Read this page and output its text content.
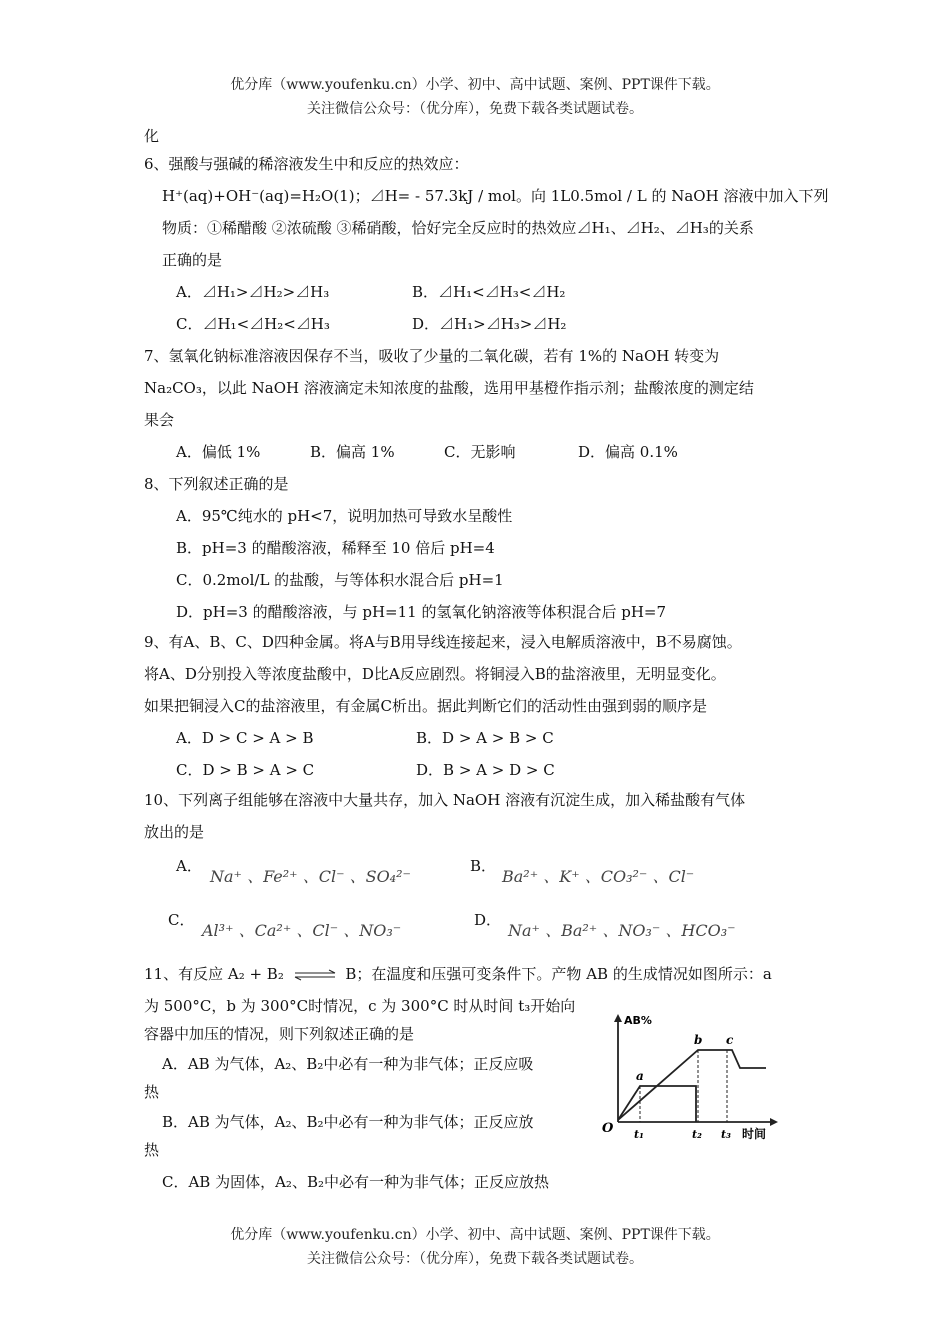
优分库（www.youfenku.cn）小学、初中、高中试题、案例、PPT课件下载。
关注微信公众号：（优分库），免费下载各类试题试卷。
化
6、强酸与强碱的稀溶液发生中和反应的热效应：
H⁺(aq)+OH⁻(aq)=H₂O(1)；⊿H= - 57.3kJ / mol。向 1L0.5mol / L 的 NaOH 溶液中加入下列
物质：①稀醋酸 ②浓硫酸 ③稀硝酸，恰好完全反应时的热效应⊿H₁、⊿H₂、⊿H₃的关系
正确的是
A．⊿H₁>⊿H₂>⊿H₃	B．⊿H₁<⊿H₃<⊿H₂
C．⊿H₁<⊿H₂<⊿H₃	D．⊿H₁>⊿H₃>⊿H₂
7、氢氧化钠标准溶液因保存不当，吸收了少量的二氧化碳，若有 1%的 NaOH 转变为
Na₂CO₃，以此 NaOH 溶液滴定未知浓度的盐酸，选用甲基橙作指示剂；盐酸浓度的测定结
果会
A．偏低 1%	B．偏高 1%	C．无影响	D．偏高 0.1%
8、下列叙述正确的是
A．95℃纯水的 pH<7，说明加热可导致水呈酸性
B．pH=3 的醋酸溶液，稀释至 10 倍后 pH=4
C．0.2mol/L 的盐酸，与等体积水混合后 pH=1
D．pH=3 的醋酸溶液，与 pH=11 的氢氧化钠溶液等体积混合后 pH=7
9、有A、B、C、D四种金属。将A与B用导线连接起来，浸入电解质溶液中，B不易腐蚀。
将A、D分别投入等浓度盐酸中，D比A反应剧烈。将铜浸入B的盐溶液里，无明显变化。
如果把铜浸入C的盐溶液里，有金属C析出。据此判断它们的活动性由强到弱的顺序是
A．D > C > A > B	B．D > A > B > C
C．D > B > A > C	D．B > A > D > C
10、下列离子组能够在溶液中大量共存，加入 NaOH 溶液有沉淀生成，加入稀盐酸有气体
放出的是
A．
Na⁺ 、Fe²⁺ 、Cl⁻ 、SO₄²⁻
B．
Ba²⁺ 、K⁺ 、CO₃²⁻ 、Cl⁻
C．
Al³⁺ 、Ca²⁺ 、Cl⁻ 、NO₃⁻
D．
Na⁺ 、Ba²⁺ 、NO₃⁻ 、HCO₃⁻
11、有反应 A₂ + B₂ ⇌ B；在温度和压强可变条件下。产物 AB 的生成情况如图所示：a
为 500°C，b 为 300°C时情况，c 为 300°C 时从时间 t₃开始向
容器中加压的情况，则下列叙述正确的是
A．AB 为气体，A₂、B₂中必有一种为非气体；正反应吸
热
B．AB 为气体，A₂、B₂中必有一种为非气体；正反应放
热
C．AB 为固体，A₂、B₂中必有一种为非气体；正反应放热
AB%
时间
O
a
b c
t₁	t₂ t₃
优分库（www.youfenku.cn）小学、初中、高中试题、案例、PPT课件下载。
关注微信公众号：（优分库），免费下载各类试题试卷。
